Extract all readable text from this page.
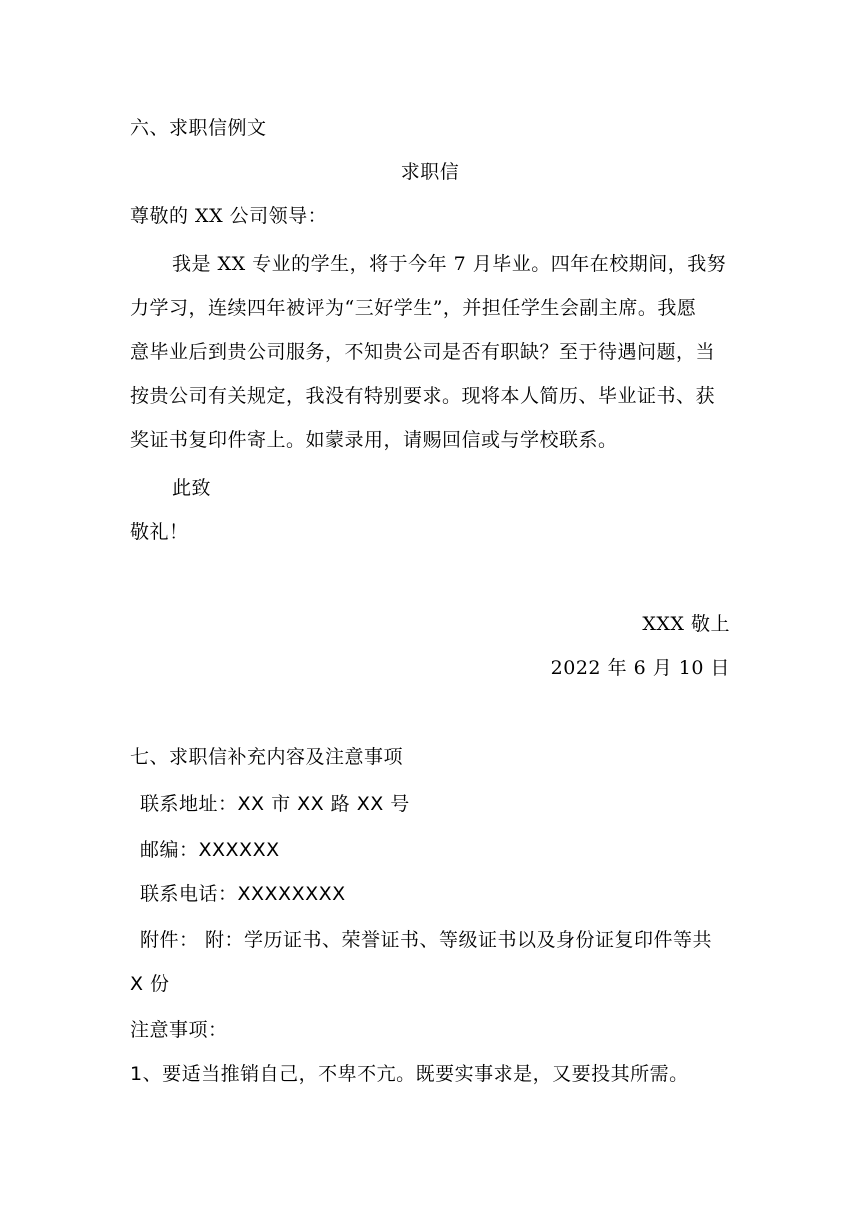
六、求职信例文
求职信
尊敬的 XX 公司领导：
我是 XX 专业的学生，将于今年 7 月毕业。四年在校期间，我努
力学习，连续四年被评为“三好学生”，并担任学生会副主席。我愿
意毕业后到贵公司服务，不知贵公司是否有职缺？至于待遇问题，当
按贵公司有关规定，我没有特别要求。现将本人简历、毕业证书、获
奖证书复印件寄上。如蒙录用，请赐回信或与学校联系。
此致
敬礼！
XXX 敬上
2022 年 6 月 10 日
七、求职信补充内容及注意事项
联系地址：XX 市 XX 路 XX 号
邮编：XXXXXX
联系电话：XXXXXXXX
附件： 附：学历证书、荣誉证书、等级证书以及身份证复印件等共
X 份
注意事项：
1、要适当推销自己，不卑不亢。既要实事求是，又要投其所需。
